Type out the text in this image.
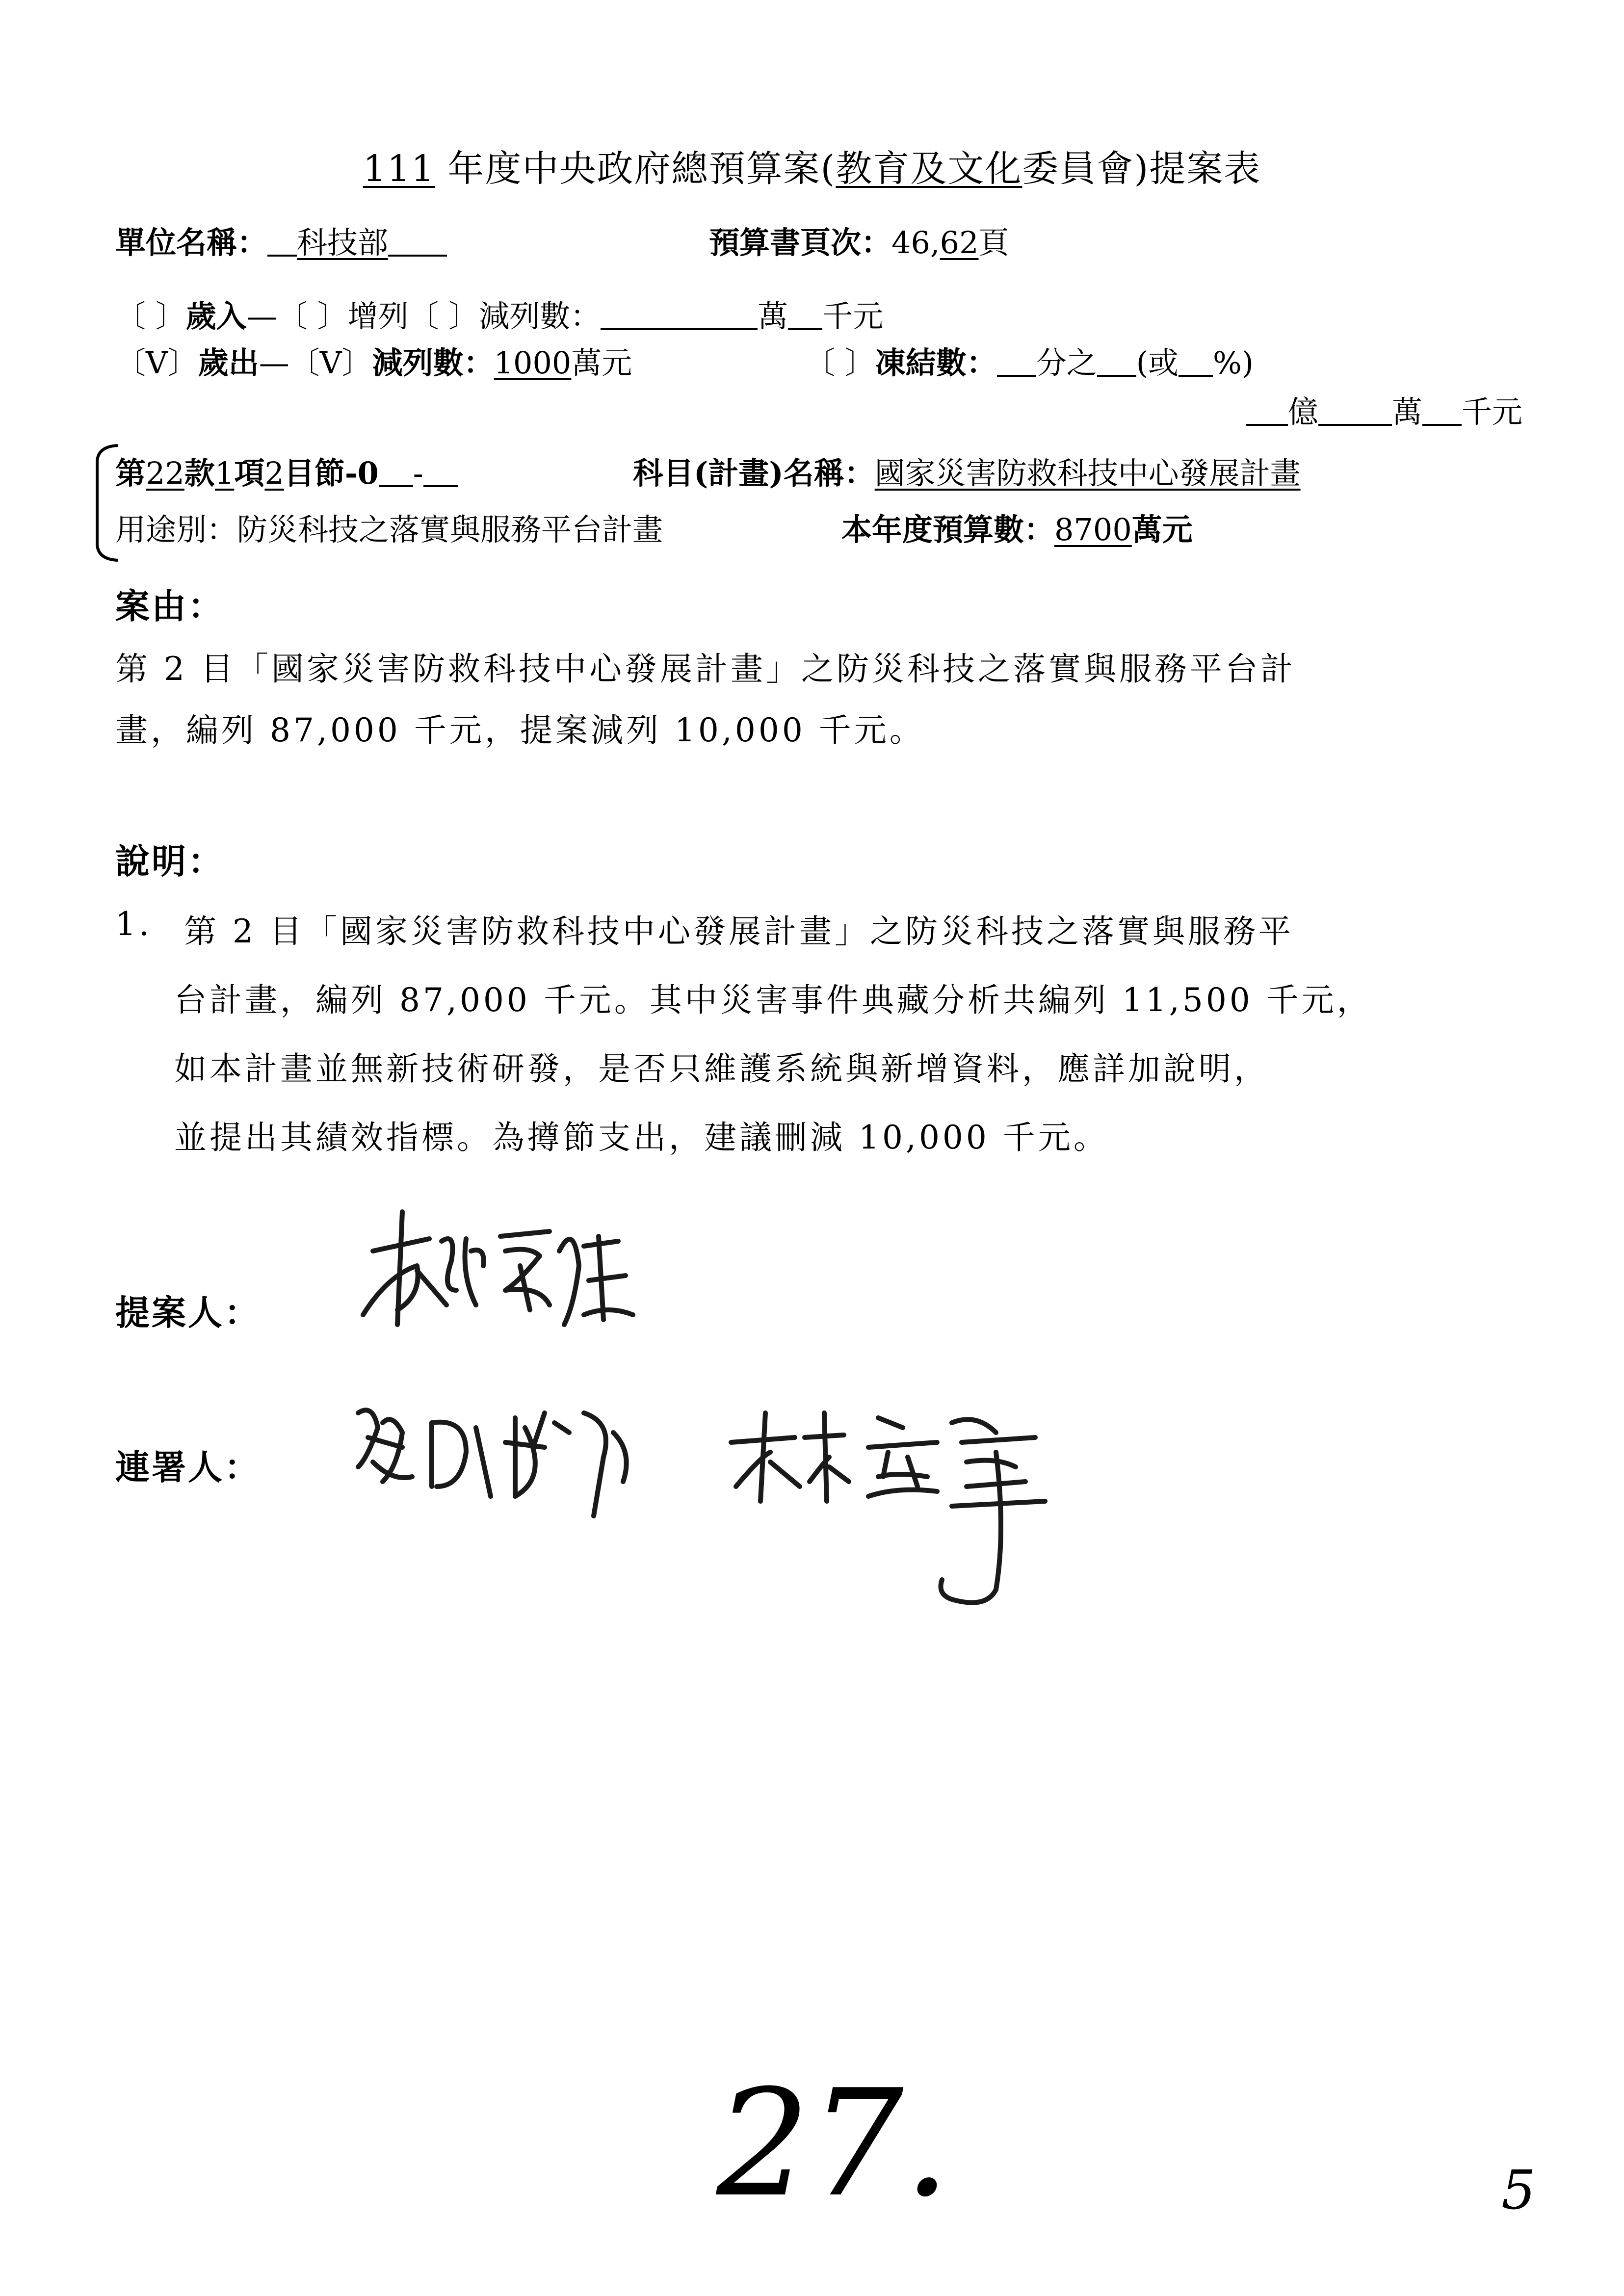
111 年度中央政府總預算案(教育及文化委員會)提案表
單位名稱： 科技部	預算書頁次：46,62頁
〔 〕歲入—〔 〕增列〔 〕減列數：	萬 千元
〔V〕歲出—〔V〕減列數：1000萬元	〔 〕凍結數： 分之 (或 %)
億 萬 千元
第22款1項2目節-0 -	科目(計畫)名稱：國家災害防救科技中心發展計畫
用途別：防災科技之落實與服務平台計畫	本年度預算數：8700萬元
案由：
第 2 目「國家災害防救科技中心發展計畫」之防災科技之落實與服務平台計
畫，編列 87,000 千元，提案減列 10,000 千元。
說明：
1. 第 2 目「國家災害防救科技中心發展計畫」之防災科技之落實與服務平
台計畫，編列 87,000 千元。其中災害事件典藏分析共編列 11,500 千元，
如本計畫並無新技術研發，是否只維護系統與新增資料，應詳加說明，
並提出其績效指標。為撙節支出，建議刪減 10,000 千元。
提案人：
連署人：
27.	5
